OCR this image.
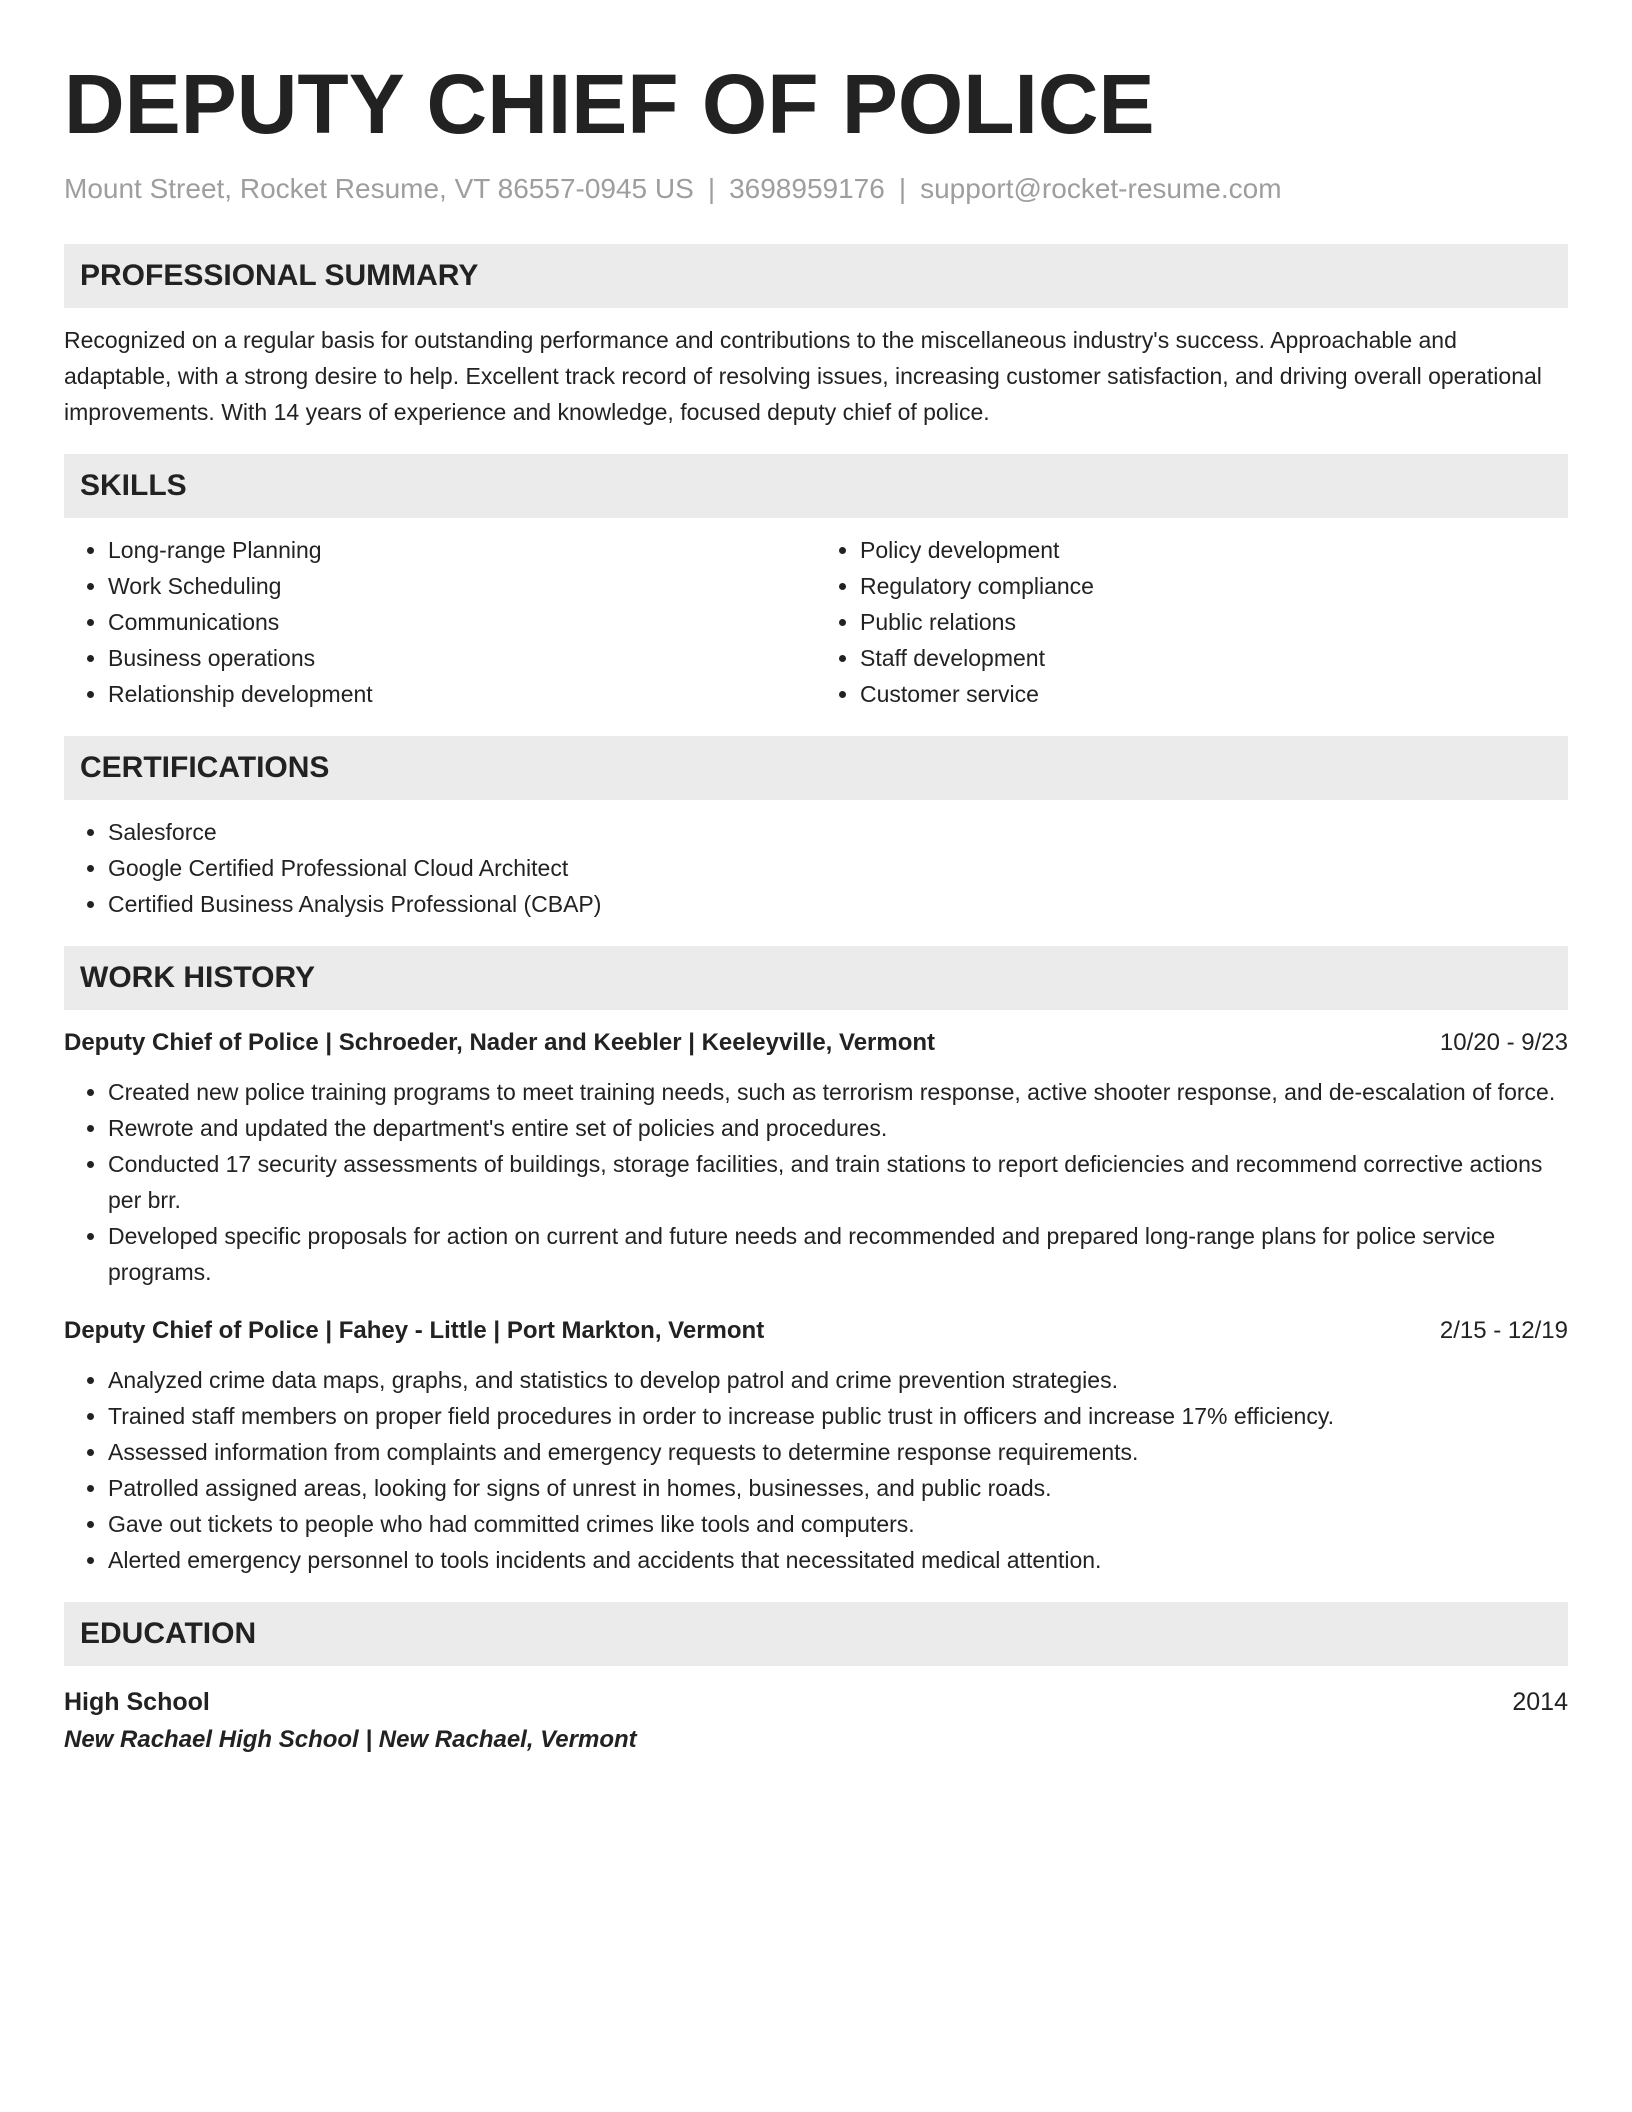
DEPUTY CHIEF OF POLICE
Mount Street, Rocket Resume, VT 86557-0945 US | 3698959176 | support@rocket-resume.com
PROFESSIONAL SUMMARY

Recognized on a regular basis for outstanding performance and contributions to the miscellaneous industry's success. Approachable and adaptable, with a strong desire to help. Excellent track record of resolving issues, increasing customer satisfaction, and driving overall operational improvements. With 14 years of experience and knowledge, focused deputy chief of police.

SKILLS
• Long-range Planning
• Work Scheduling
• Communications
• Business operations
• Relationship development
• Policy development
• Regulatory compliance
• Public relations
• Staff development
• Customer service
CERTIFICATIONS
• Salesforce
• Google Certified Professional Cloud Architect
• Certified Business Analysis Professional (CBAP)
WORK HISTORY
Deputy Chief of Police | Schroeder, Nader and Keebler | Keeleyville, Vermont	10/20 - 9/23
• Created new police training programs to meet training needs, such as terrorism response, active shooter response, and de-escalation of force.
• Rewrote and updated the department's entire set of policies and procedures.
• Conducted 17 security assessments of buildings, storage facilities, and train stations to report deficiencies and recommend corrective actions per brr.
• Developed specific proposals for action on current and future needs and recommended and prepared long-range plans for police service programs.
Deputy Chief of Police | Fahey - Little | Port Markton, Vermont	2/15 - 12/19
• Analyzed crime data maps, graphs, and statistics to develop patrol and crime prevention strategies.
• Trained staff members on proper field procedures in order to increase public trust in officers and increase 17% efficiency.
• Assessed information from complaints and emergency requests to determine response requirements.
• Patrolled assigned areas, looking for signs of unrest in homes, businesses, and public roads.
• Gave out tickets to people who had committed crimes like tools and computers.
• Alerted emergency personnel to tools incidents and accidents that necessitated medical attention.
EDUCATION
High School	2014
New Rachael High School | New Rachael, Vermont
